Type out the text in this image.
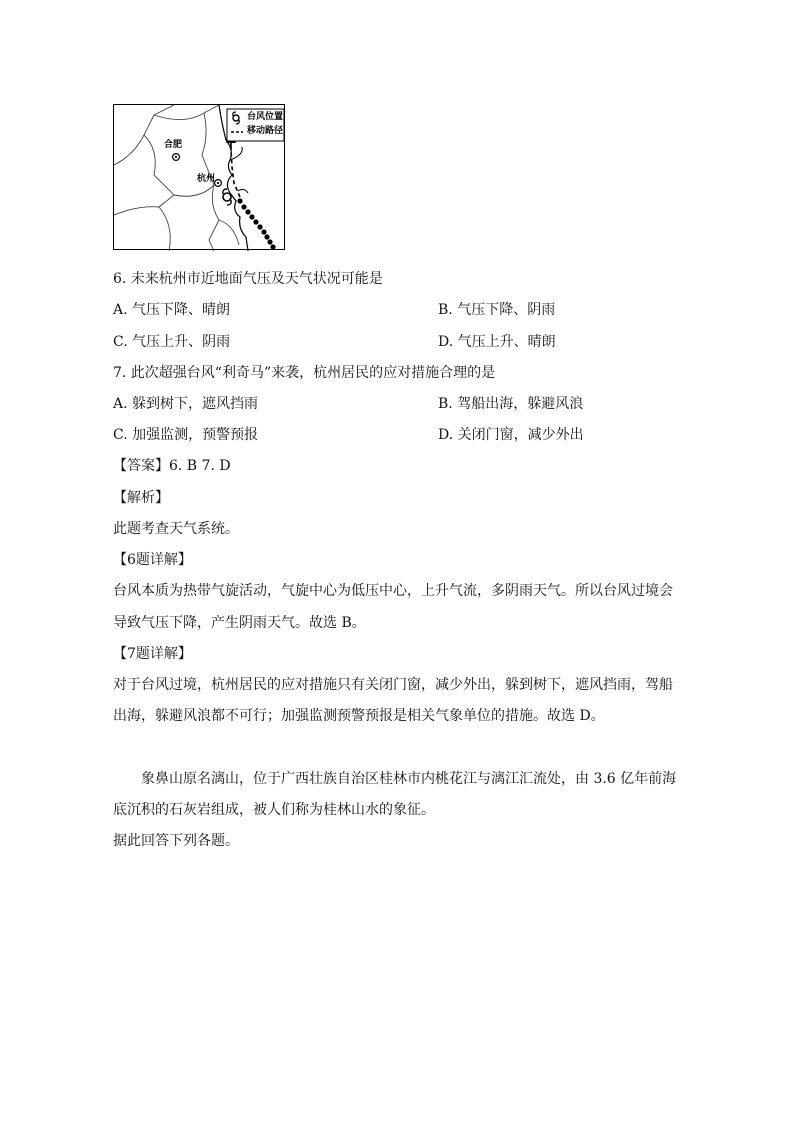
台风位置
移动路径
合肥
杭州
6. 未来杭州市近地面气压及天气状况可能是
A. 气压下降、晴朗	B. 气压下降、阴雨
C. 气压上升、阴雨	D. 气压上升、晴朗
7. 此次超强台风“利奇马”来袭，杭州居民的应对措施合理的是
A. 躲到树下，遮风挡雨	B. 驾船出海，躲避风浪
C. 加强监测，预警预报	D. 关闭门窗，减少外出
【答案】6. B 7. D
【解析】
此题考查天气系统。
【6题详解】
台风本质为热带气旋活动，气旋中心为低压中心，上升气流，多阴雨天气。所以台风过境会
导致气压下降，产生阴雨天气。故选 B。
【7题详解】
对于台风过境，杭州居民的应对措施只有关闭门窗，减少外出，躲到树下，遮风挡雨，驾船
出海，躲避风浪都不可行；加强监测预警预报是相关气象单位的措施。故选 D。
象鼻山原名漓山，位于广西壮族自治区桂林市内桃花江与漓江汇流处，由 3.6 亿年前海
底沉积的石灰岩组成，被人们称为桂林山水的象征。
据此回答下列各题。
